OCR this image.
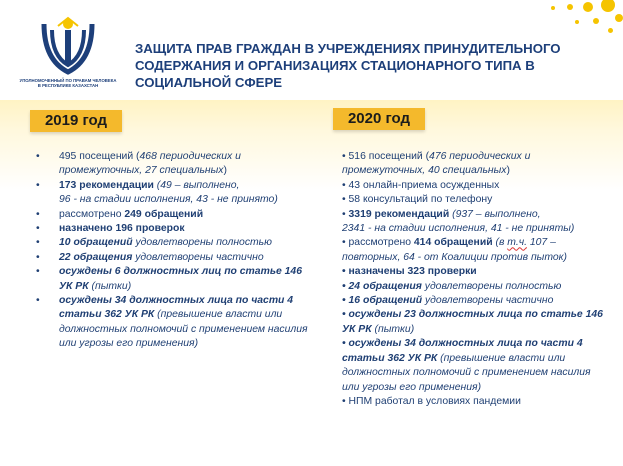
УПОЛНОМОЧЕННЫЙ ПО ПРАВАМ ЧЕЛОВЕКА
В РЕСПУБЛИКЕ КАЗАХСТАН
ЗАЩИТА ПРАВ ГРАЖДАН В УЧРЕЖДЕНИЯХ ПРИНУДИТЕЛЬНОГО СОДЕРЖАНИЯ И ОРГАНИЗАЦИЯХ СТАЦИОНАРНОГО ТИПА В СОЦИАЛЬНОЙ СФЕРЕ
2019 год	2020 год
• 495 посещений (468 периодических и промежуточных, 27 специальных)
• 173 рекомендации (49 – выполнено,
96 - на стадии исполнения, 43 - не принято)
• рассмотрено 249 обращений
• назначено 196 проверок
• 10 обращений удовлетворены полностью
• 22 обращения удовлетворены частично
• осуждены 6 должностных лиц по статье 146 УК РК (пытки)
• осуждены 34 должностных лица по части 4 статьи 362 УК РК (превышение власти или должностных полномочий с применением насилия или угрозы его применения)
• 516 посещений (476 периодических и промежуточных, 40 специальных)
• 43 онлайн-приема осужденных
• 58 консультаций по телефону
• 3319 рекомендаций (937 – выполнено,
2341 - на стадии исполнения, 41 - не приняты)
• рассмотрено 414 обращений (в т.ч. 107 – повторных, 64 - от Коалиции против пыток)
• назначены 323 проверки
• 24 обращения удовлетворены полностью
• 16 обращений удовлетворены частично
• осуждены 23 должностных лица по статье 146 УК РК (пытки)
• осуждены 34 должностных лица по части 4 статьи 362 УК РК (превышение власти или должностных полномочий с применением насилия или угрозы его применения)
• НПМ работал в условиях пандемии
